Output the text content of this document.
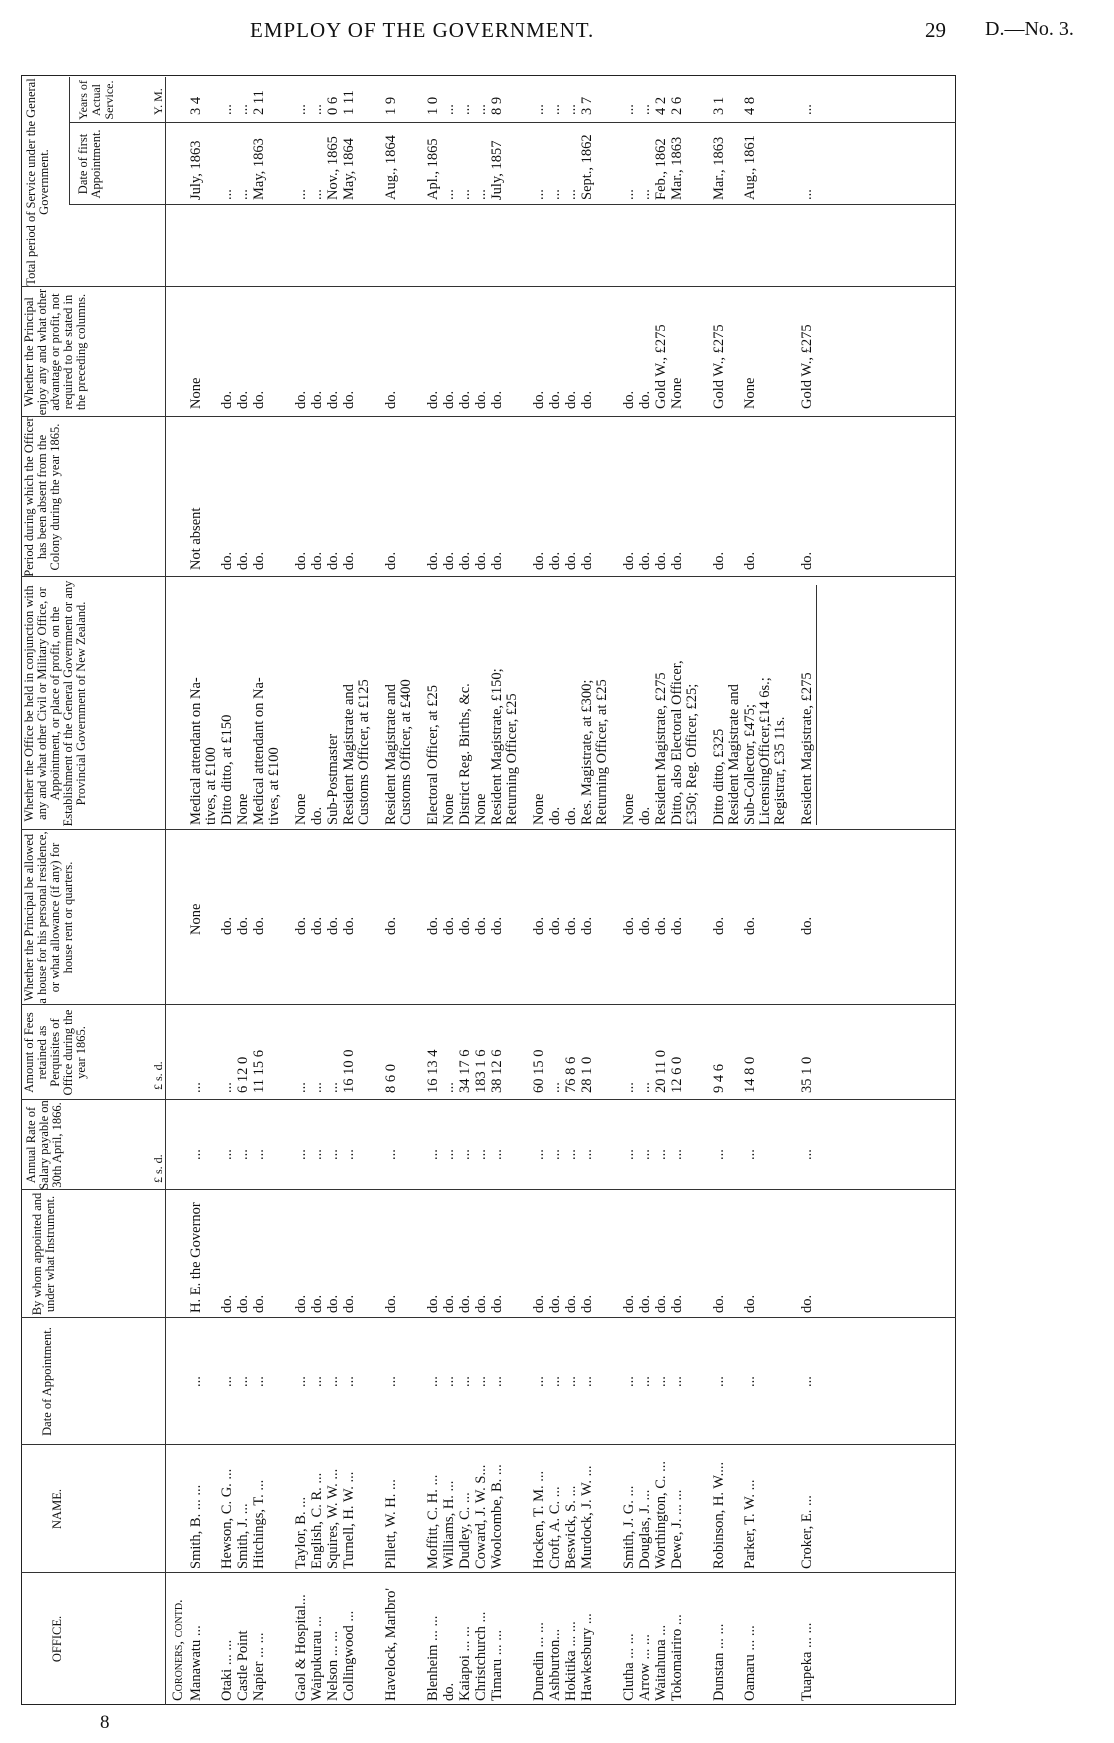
EMPLOY OF THE GOVERNMENT.	29 D.—No. 3.
8
OFFICE.
NAME.
Date of Appointment.
By whom appointed and under what Instrument.
Annual Rate of Salary payable on 30th April, 1866.
Amount of Fees retained as Perquisites of Office during the year 1865.
Whether the Principal be allowed a house for his personal residence, or what allowance (if any) for house rent or quarters.
Whether the Office be held in conjunction with any and what other Civil or Military Office, or Appointment, or place of profit, on the Establishment of the General Government or any Provincial Government of New Zealand.
Period during which the Officer has been absent from the Colony during the year 1865.
Whether the Principal enjoy any and what other advantage or profit, not required to be stated in the preceding columns.
Total period of Service under the General Government. Date of first Appointment.
Years of Actual Service.
£ s. d.
£ s. d.
Y. M.
Coroners, contd. Manawatu ...
Smith, B. ... ...
...
H. E. the Governor
...
...
None
Not absent
None
July, 1863
3 4
Medical attendant on Na- tives, at £100
Otaki ... ...
Hewson, C. G. ...
...
do.
...
...
do.
do.
do.
...
...
Ditto ditto, at £150
Castle Point
Smith, J. ...
...
do.
...
6 12 0
do.
do.
do.
...
...
None
Napier ... ...
Hitchings, T. ...
...
do.
...
11 15 6
do.
do.
do.
May, 1863
2 11
Medical attendant on Na- tives, at £100
Gaol & Hospital...
Taylor, B. ...
...
do.
...
...
do.
do.
do.
...
...
None
Waipukurau ...
English, C. R. ...
...
do.
...
...
do.
do.
do.
...
...
do.
Nelson ... ...
Squires, W. W. ...
...
do.
...
...
do.
do.
do.
Nov., 1865
0 6
Sub-Postmaster
Collingwood ...
Turnell, H. W. ...
...
do.
...
16 10 0
do.
do.
do.
May, 1864
1 11
Resident Magistrate and Customs Officer, at £125
Havelock, Marlbro'
Pillett, W. H. ...
...
do.
...
8 6 0
do.
do.
do.
Aug., 1864
1 9
Resident Magistrate and Customs Officer, at £400
Blenheim ... ...
Moffitt, C. H. ...
...
do.
...
16 13 4
do.
do.
do.
Apl., 1865
1 0
Electoral Officer, at £25
do.
Williams, H. ...
...
do.
...
...
do.
do.
do.
...
...
None
Kaiapoi ... ...
Dudley, C. ...
...
do.
...
34 17 6
do.
do.
do.
...
...
District Reg. Births, &c.
Christchurch ...
Coward, J. W. S...
...
do.
...
183 1 6
do.
do.
do.
...
...
None
Timaru ... ...
Woolcombe, B. ...
...
do.
...
38 12 6
do.
do.
do.
July, 1857
8 9
Resident Magistrate, £150; Returning Officer, £25
Dunedin ... ...
Hocken, T. M. ...
...
do.
...
60 15 0
do.
do.
do.
...
...
None
Ashburton...
Croft, A. C. ...
...
do.
...
...
do.
do.
do.
...
...
do.
Hokitika ... ...
Beswick, S. ...
...
do.
...
76 8 6
do.
do.
do.
...
...
do.
Hawkesbury ...
Murdock, J. W. ...
...
do.
...
28 1 0
do.
do.
do.
Sept., 1862
3 7
Res. Magistrate, at £300; Returning Officer, at £25
Clutha ... ...
Smith, J. G. ...
...
do.
...
...
do.
do.
do.
...
...
None
Arrow ... ...
Douglas, J. ...
...
do.
...
...
do.
do.
do.
...
...
do.
Waitahuna ...
Worthington, C. ...
...
do.
...
20 11 0
do.
do.
Gold W., £275
Feb., 1862
4 2
Resident Magistrate, £275
Tokomairiro ...
Dewe, J. ... ...
...
do.
...
12 6 0
do.
do.
None
Mar., 1863
2 6
Ditto, also Electoral Officer, £350; Reg. Officer, £25;
Dunstan ... ...
Robinson, H. W....
...
do.
...
9 4 6
do.
do.
Gold W., £275
Mar., 1863
3 1
Ditto ditto, £325 Resident Magistrate and
Oamaru ... ...
Parker, T. W. ...
...
do.
...
14 8 0
do.
do.
None
Aug., 1861
4 8
Sub-Collector, £475; LicensingOfficer,£14 6s.; Registrar, £35 11s.
Tuapeka ... ...
Croker, E. ...
...
do.
...
35 1 0
do.
do.
Gold W., £275
...
...
Resident Magistrate, £275
